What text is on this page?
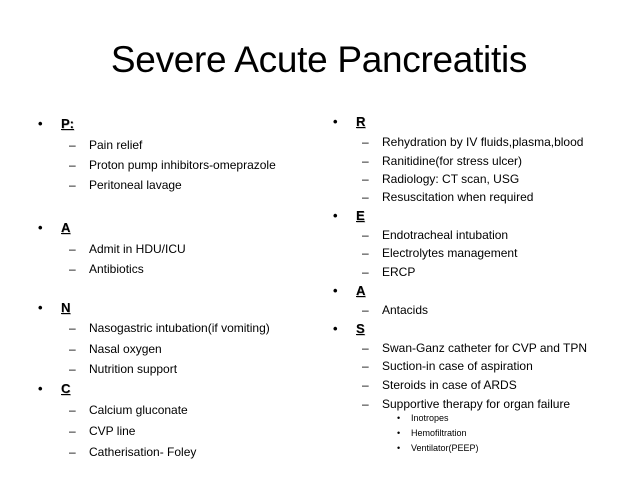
Severe Acute Pancreatitis
• P:
– Pain relief
– Proton pump inhibitors-omeprazole
– Peritoneal lavage
• A
– Admit in HDU/ICU
– Antibiotics
• N
– Nasogastric intubation(if vomiting)
– Nasal oxygen
– Nutrition support
• C
– Calcium gluconate
– CVP line
– Catherisation- Foley
• R
– Rehydration by IV fluids,plasma,blood
– Ranitidine(for stress ulcer)
– Radiology: CT scan, USG
– Resuscitation when required
• E
– Endotracheal intubation
– Electrolytes management
– ERCP
• A
– Antacids
• S
– Swan-Ganz catheter for CVP and TPN
– Suction-in case of aspiration
– Steroids in case of ARDS
– Supportive therapy for organ failure
• Inotropes
• Hemofiltration
• Ventilator(PEEP)
